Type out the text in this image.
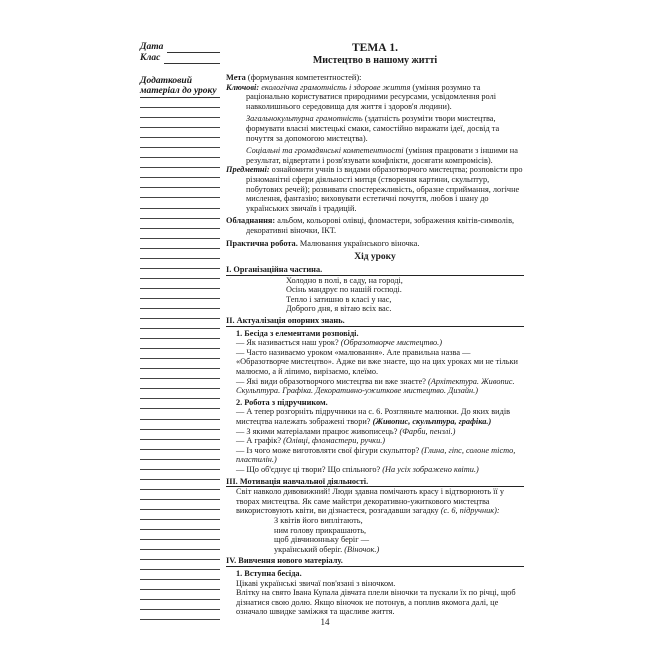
Дата
Клас
Додатковий матеріал до уроку
ТЕМА 1.
Мистецтво в нашому житті
Мета (формування компетентностей):
Ключові: екологічна грамотність і здорове життя (уміння розумно та раціонально користуватися природними ресурсами, усвідомлення ролі навколишнього середовища для життя і здоров'я людини).
Загальнокультурна грамотність (здатність розуміти твори мистецтва, формувати власні мистецькі смаки, самостійно виражати ідеї, досвід та почуття за допомогою мистецтва).
Соціальні та громадянські компетентності (уміння працювати з іншими на результат, відвертати і розв'язувати конфлікти, досягати компромісів).
Предметні: ознайомити учнів із видами образотворчого мистецтва; розповісти про різноманітні сфери діяльності митця (створення картини, скульптур, побутових речей); розвивати спостережливість, образне сприймання, логічне мислення, фантазію; виховувати естетичні почуття, любов і шану до українських звичаїв і традицій.
Обладнання: альбом, кольорові олівці, фломастери, зображення квітів-символів, декоративні віночки, ІКТ.
Практична робота. Малювання українського віночка.
Хід уроку
I. Організаційна частина.
Холодно в полі, в саду, на городі,
Осінь мандрує по нашій господі.
Тепло і затишно в класі у нас,
Доброго дня, я вітаю всіх вас.
II. Актуалізація опорних знань.
1. Бесіда з елементами розповіді.
— Як називається наш урок? (Образотворче мистецтво.)
— Часто називаємо уроком «малювання». Але правильна назва — «Образотворче мистецтво». Адже ви вже знаєте, що на цих уроках ми не тільки малюємо, а й ліпимо, вирізаємо, клеїмо.
— Які види образотворчого мистецтва ви вже знаєте? (Архітектура. Живопис. Скульптура. Графіка. Декоративно-ужиткове мистецтво. Дизайн.)
2. Робота з підручником.
— А тепер розгорніть підручники на с. 6. Розгляньте малюнки. До яких видів мистецтва належать зображені твори? (Живопис, скульптура, графіка.)
— З якими матеріалами працює живописець? (Фарби, пензлі.)
— А графік? (Олівці, фломастери, ручки.)
— Із чого може виготовляти свої фігури скульптор? (Глина, гіпс, солоне тісто, пластилін.)
— Що об'єднує ці твори? Що спільного? (На усіх зображено квіти.)
III. Мотивація навчальної діяльності.
Світ навколо дивовижний! Люди здавна помічають красу і відтворюють її у творах мистецтва. Як саме майстри декоративно-ужиткового мистецтва використовують квіти, ви дізнаєтеся, розгадавши загадку (с. 6, підручник):
З квітів його виплітають,
ним голову прикрашають,
щоб дівчинонньку берiг —
український оберіг. (Віночок.)
IV. Вивчення нового матеріалу.
1. Вступна бесіда.
Цікаві українські звичаї пов'язані з віночком.
Влітку на свято Івана Купала дівчата плели віночки та пускали їх по річці, щоб дізнатися свою долю. Якщо віночок не потонув, а поплив якомога далі, це означало швидке заміжжя та щасливе життя.
14
